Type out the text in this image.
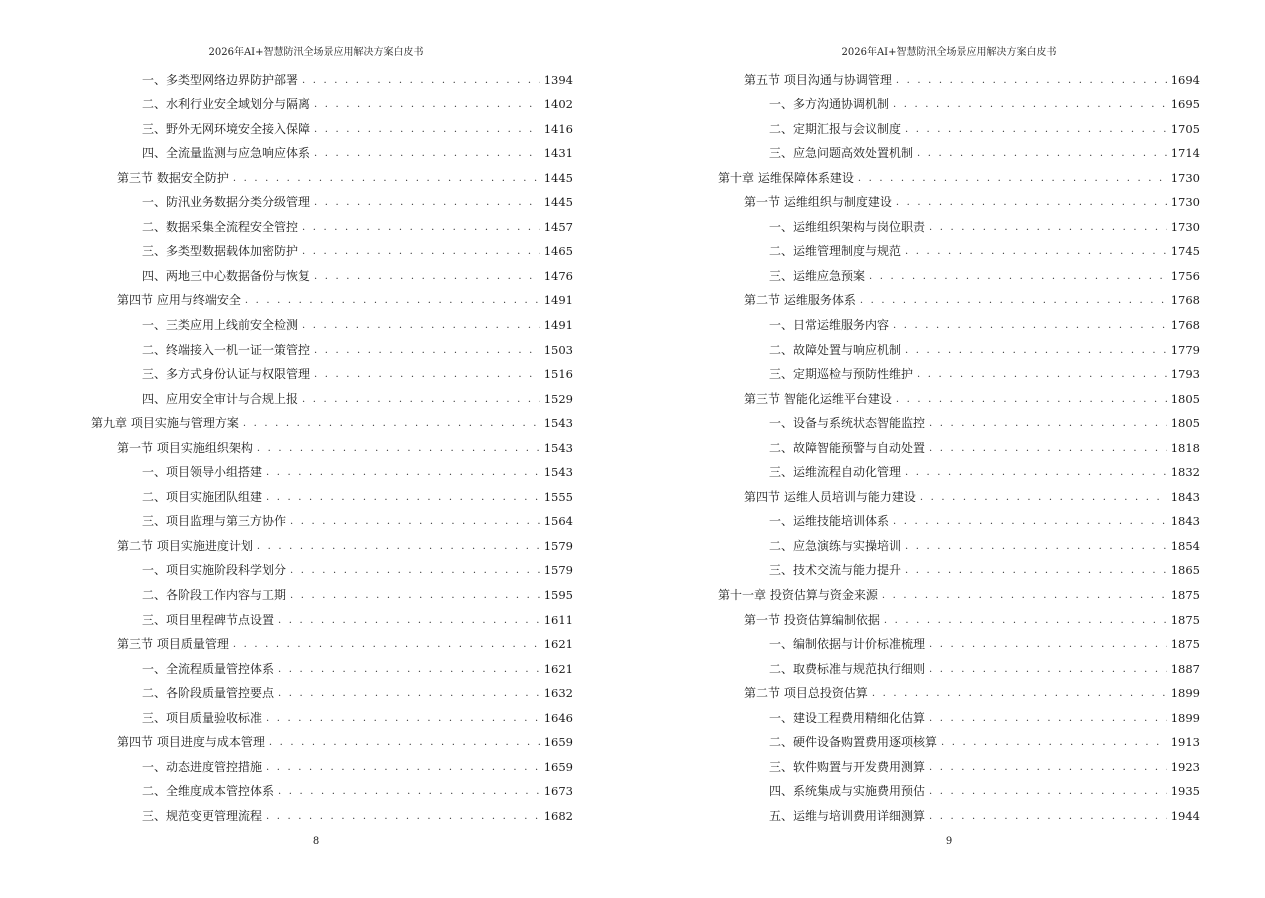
2026年AI+智慧防汛全场景应用解决方案白皮书
一、多类型网络边界防护部署 . . .	1394
二、水利行业安全域划分与隔离 . . .	1402
三、野外无网环境安全接入保障 . . .	1416
四、全流量监测与应急响应体系 . . .	1431
第三节 数据安全防护 . . .	1445
一、防汛业务数据分类分级管理 . . .	1445
二、数据采集全流程安全管控 . . .	1457
三、多类型数据载体加密防护 . . .	1465
四、两地三中心数据备份与恢复 . . .	1476
第四节 应用与终端安全 . . .	1491
一、三类应用上线前安全检测 . . .	1491
二、终端接入一机一证一策管控 . . .	1503
三、多方式身份认证与权限管理 . . .	1516
四、应用安全审计与合规上报 . . .	1529
第九章 项目实施与管理方案 . . .	1543
第一节 项目实施组织架构 . . .	1543
一、项目领导小组搭建 . . .	1543
二、项目实施团队组建 . . .	1555
三、项目监理与第三方协作 . . .	1564
第二节 项目实施进度计划 . . .	1579
一、项目实施阶段科学划分 . . .	1579
二、各阶段工作内容与工期 . . .	1595
三、项目里程碑节点设置 . . .	1611
第三节 项目质量管理 . . .	1621
一、全流程质量管控体系 . . .	1621
二、各阶段质量管控要点 . . .	1632
三、项目质量验收标准 . . .	1646
第四节 项目进度与成本管理 . . .	1659
一、动态进度管控措施 . . .	1659
二、全维度成本管控体系 . . .	1673
三、规范变更管理流程 . . .	1682
8
2026年AI+智慧防汛全场景应用解决方案白皮书
第五节 项目沟通与协调管理 . . .	1694
一、多方沟通协调机制 . . .	1695
二、定期汇报与会议制度 . . .	1705
三、应急问题高效处置机制 . . .	1714
第十章 运维保障体系建设 . . .	1730
第一节 运维组织与制度建设 . . .	1730
一、运维组织架构与岗位职责 . . .	1730
二、运维管理制度与规范 . . .	1745
三、运维应急预案 . . .	1756
第二节 运维服务体系 . . .	1768
一、日常运维服务内容 . . .	1768
二、故障处置与响应机制 . . .	1779
三、定期巡检与预防性维护 . . .	1793
第三节 智能化运维平台建设 . . .	1805
一、设备与系统状态智能监控 . . .	1805
二、故障智能预警与自动处置 . . .	1818
三、运维流程自动化管理 . . .	1832
第四节 运维人员培训与能力建设 . . .	1843
一、运维技能培训体系 . . .	1843
二、应急演练与实操培训 . . .	1854
三、技术交流与能力提升 . . .	1865
第十一章 投资估算与资金来源 . . .	1875
第一节 投资估算编制依据 . . .	1875
一、编制依据与计价标准梳理 . . .	1875
二、取费标准与规范执行细则 . . .	1887
第二节 项目总投资估算 . . .	1899
一、建设工程费用精细化估算 . . .	1899
二、硬件设备购置费用逐项核算 . . .	1913
三、软件购置与开发费用测算 . . .	1923
四、系统集成与实施费用预估 . . .	1935
五、运维与培训费用详细测算 . . .	1944
9
